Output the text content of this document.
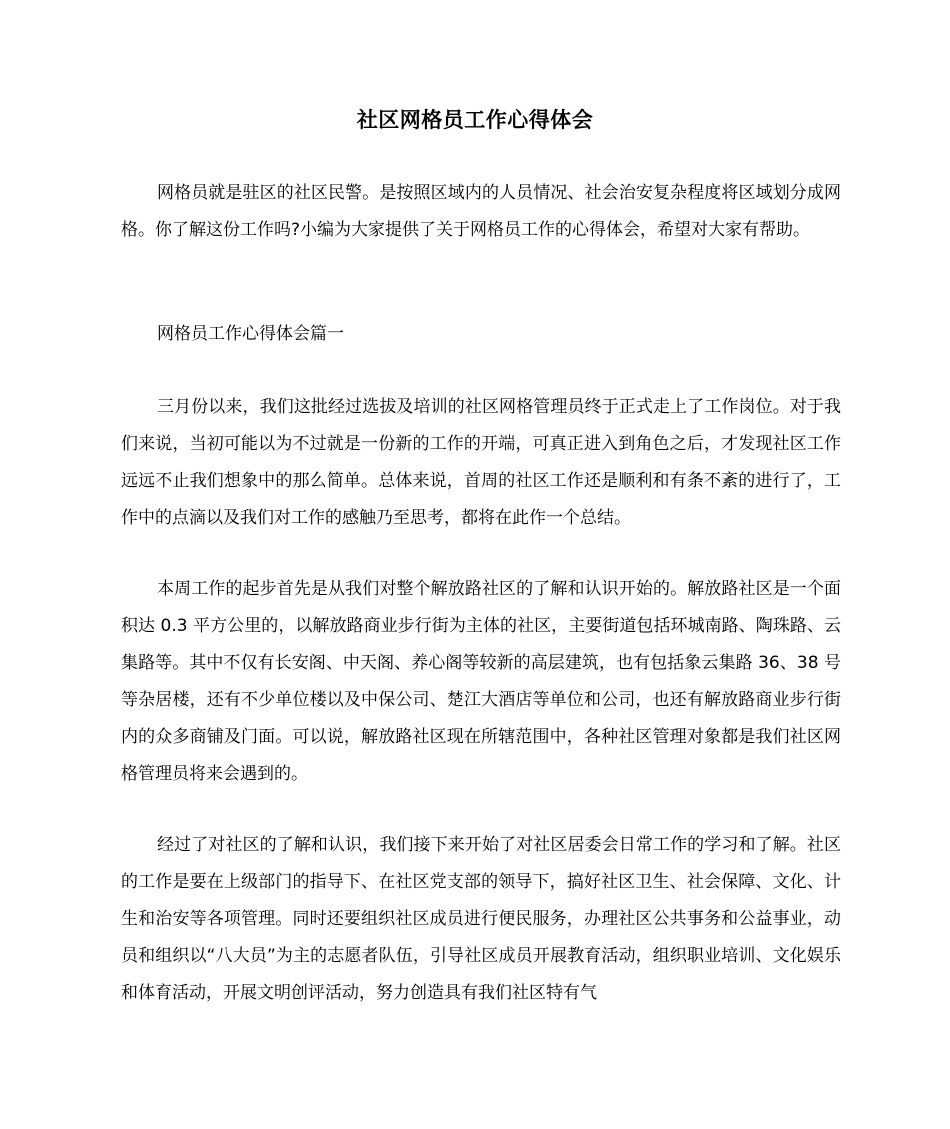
社区网格员工作心得体会

网格员就是驻区的社区民警。是按照区域内的人员情况、社会治安复杂程度将区域划分成网格。你了解这份工作吗?小编为大家提供了关于网格员工作的心得体会，希望对大家有帮助。

网格员工作心得体会篇一

三月份以来，我们这批经过选拔及培训的社区网格管理员终于正式走上了工作岗位。对于我们来说，当初可能以为不过就是一份新的工作的开端，可真正进入到角色之后，才发现社区工作远远不止我们想象中的那么简单。总体来说，首周的社区工作还是顺利和有条不紊的进行了，工作中的点滴以及我们对工作的感触乃至思考，都将在此作一个总结。

本周工作的起步首先是从我们对整个解放路社区的了解和认识开始的。解放路社区是一个面积达 0.3 平方公里的，以解放路商业步行街为主体的社区，主要街道包括环城南路、陶珠路、云集路等。其中不仅有长安阁、中天阁、养心阁等较新的高层建筑，也有包括象云集路 36、38 号等杂居楼，还有不少单位楼以及中保公司、楚江大酒店等单位和公司，也还有解放路商业步行街内的众多商铺及门面。可以说，解放路社区现在所辖范围中，各种社区管理对象都是我们社区网格管理员将来会遇到的。

经过了对社区的了解和认识，我们接下来开始了对社区居委会日常工作的学习和了解。社区的工作是要在上级部门的指导下、在社区党支部的领导下，搞好社区卫生、社会保障、文化、计生和治安等各项管理。同时还要组织社区成员进行便民服务，办理社区公共事务和公益事业，动员和组织以“八大员”为主的志愿者队伍，引导社区成员开展教育活动，组织职业培训、文化娱乐和体育活动，开展文明创评活动，努力创造具有我们社区特有气
